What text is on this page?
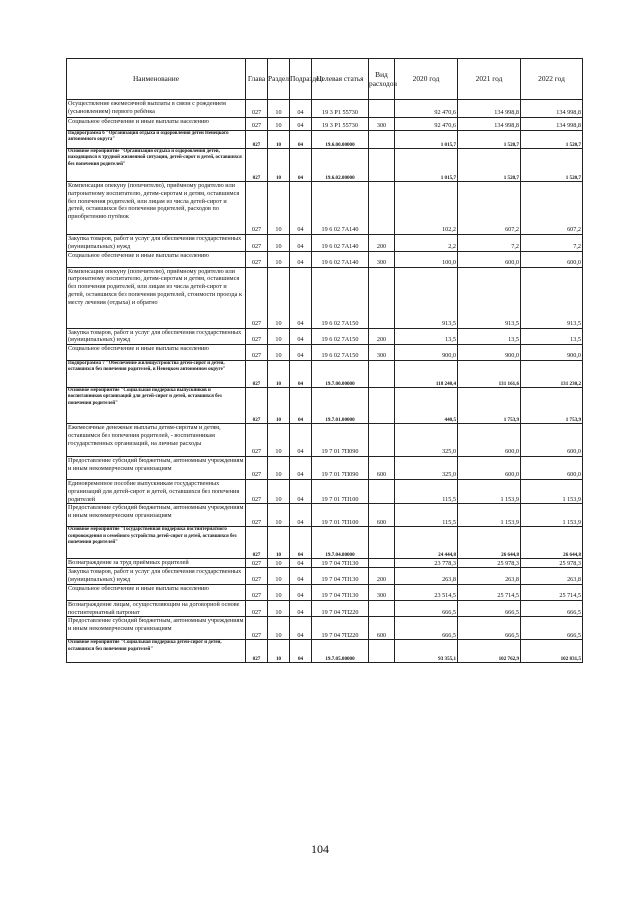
Наименование	Глава	Раздел	Подраздел	Целевая статья	Вид расходов	2020 год	2021 год	2022 год
Осуществление ежемесячной выплаты в связи с рождением (усыновлением) первого ребёнка	027	10	04	19 3 P1 55730		92 470,6	134 998,8	134 998,8
Социальное обеспечение и иные выплаты населению	027	10	04	19 3 P1 55730	300	92 470,6	134 998,8	134 998,8
Подпрограмма 6 "Организация отдыха и оздоровления детей Ненецкого автономного округа"	027	10	04	19.6.00.00000		1 015,7	1 520,7	1 520,7
Основное мероприятие "Организация отдыха и оздоровления детей, находящихся в трудной жизненной ситуации, детей-сирот и детей, оставшихся без попечения родителей"	027	10	04	19.6.02.00000		1 015,7	1 520,7	1 520,7
Компенсация опекуну (попечителю), приёмному родителю или патронатному воспитателю, детям-сиротам и детям, оставшимся без попечения родителей, или лицам из числа детей-сирот и детей, оставшихся без попечения родителей, расходов по приобретению путёвок	027	10	04	19 6 02 7А140		102,2	607,2	607,2
Закупка товаров, работ и услуг для обеспечения государственных (муниципальных) нужд	027	10	04	19 6 02 7А140	200	2,2	7,2	7,2
Социальное обеспечение и иные выплаты населению	027	10	04	19 6 02 7А140	300	100,0	600,0	600,0
Компенсация опекуну (попечителю), приёмному родителю или патронатному воспитателю, детям-сиротам и детям, оставшимся без попечения родителей, или лицам из числа детей-сирот и детей, оставшихся без попечения родителей, стоимости проезда к месту лечения (отдыха) и обратно	027	10	04	19 6 02 7А150		913,5	913,5	913,5
Закупка товаров, работ и услуг для обеспечения государственных (муниципальных) нужд	027	10	04	19 6 02 7А150	200	13,5	13,5	13,5
Социальное обеспечение и иные выплаты населению	027	10	04	19 6 02 7А150	300	900,0	900,0	900,0
Подпрограмма 7 "Обеспечение жилищустройства детей-сирот и детей, оставшихся без попечения родителей, в Ненецком автономном округе"	027	10	04	19.7.00.00000		118 240,4	131 161,6	131 230,2
Основное мероприятие "Социальная поддержка выпускников и воспитанников организаций для детей-сирот и детей, оставшихся без попечения родителей"	027	10	04	19.7.01.00000		440,5	1 753,9	1 753,9
Ежемесячные денежные выплаты детям-сиротам и детям, оставшимся без попечения родителей, - воспитанникам государственных организаций, на личные расходы	027	10	04	19 7 01 7П090		325,0	600,0	600,0
Предоставление субсидий бюджетным, автономным учреждениям и иным некоммерческим организациям	027	10	04	19 7 01 7П090	600	325,0	600,0	600,0
Единовременное пособие выпускникам государственных организаций для детей-сирот и детей, оставшихся без попечения родителей	027	10	04	19 7 01 7П100		115,5	1 153,9	1 153,9
Предоставление субсидий бюджетным, автономным учреждениям и иным некоммерческим организациям	027	10	04	19 7 01 7П100	600	115,5	1 153,9	1 153,9
Основное мероприятие "Государственная поддержка постинтернатного сопровождения и семейного устройства детей-сирот и детей, оставшихся без попечения родителей"	027	10	04	19.7.04.00000		24 444,8	26 644,8	26 644,8
Вознаграждение за труд приёмных родителей	027	10	04	19 7 04 7П130		23 778,3	25 978,3	25 978,3
Закупка товаров, работ и услуг для обеспечения государственных (муниципальных) нужд	027	10	04	19 7 04 7П130	200	263,8	263,8	263,8
Социальное обеспечение и иные выплаты населению	027	10	04	19 7 04 7П130	300	23 514,5	25 714,5	25 714,5
Вознаграждение лицам, осуществляющим на договорной основе постинтернатный патронат	027	10	04	19 7 04 7П220		666,5	666,5	666,5
Предоставление субсидий бюджетным, автономным учреждениям и иным некоммерческим организациям	027	10	04	19 7 04 7П220	600	666,5	666,5	666,5
Основное мероприятие "Социальная поддержка детей-сирот и детей, оставшихся без попечения родителей"	027	10	04	19.7.05.00000		93 355,1	102 762,9	102 831,5
104
